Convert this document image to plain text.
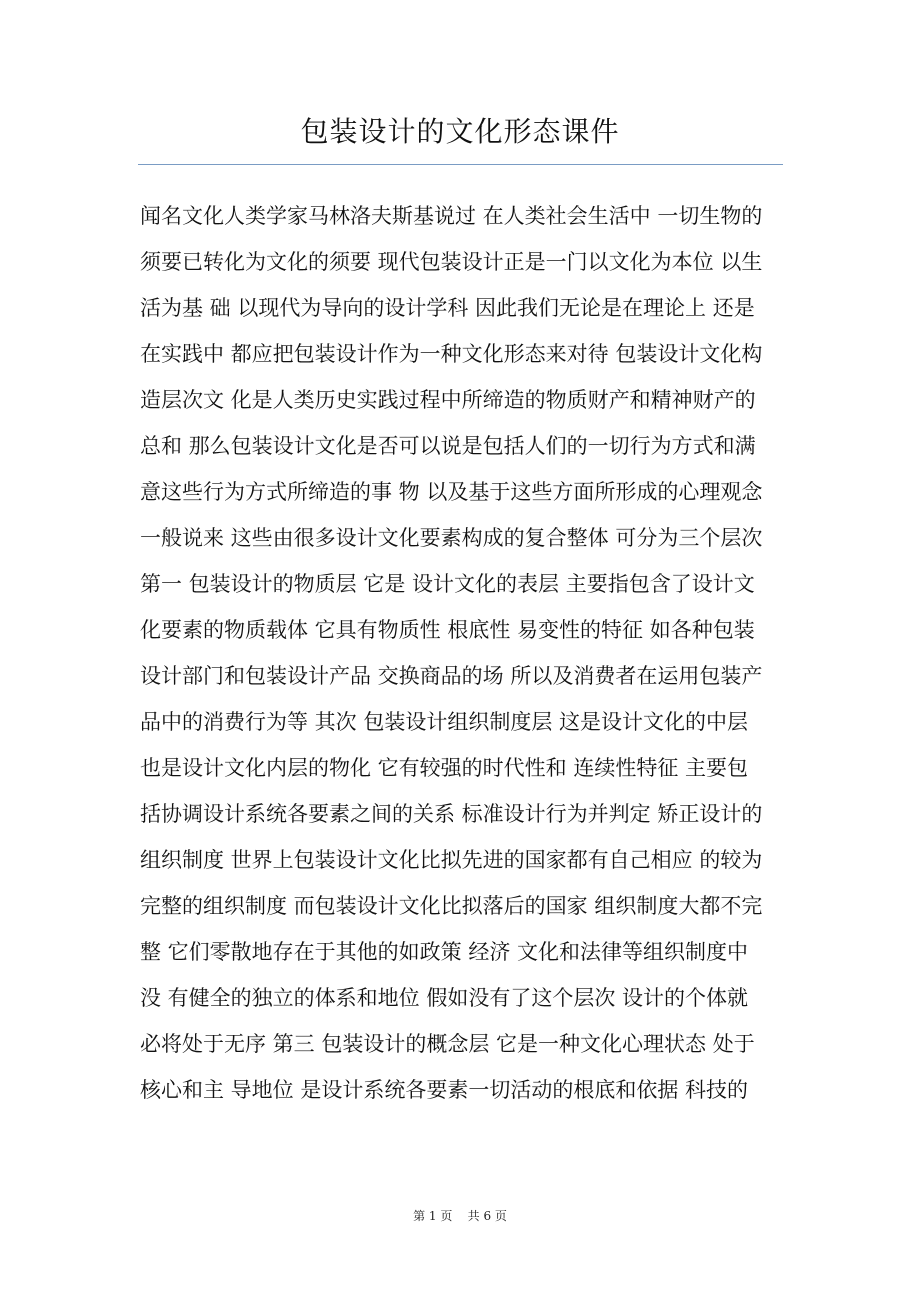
包装设计的文化形态课件
闻名文化人类学家马林洛夫斯基说过 在人类社会生活中 一切生物的
须要已转化为文化的须要 现代包装设计正是一门以文化为本位 以生
活为基 础 以现代为导向的设计学科 因此我们无论是在理论上 还是
在实践中 都应把包装设计作为一种文化形态来对待 包装设计文化构
造层次文 化是人类历史实践过程中所缔造的物质财产和精神财产的
总和 那么包装设计文化是否可以说是包括人们的一切行为方式和满
意这些行为方式所缔造的事 物 以及基于这些方面所形成的心理观念
一般说来 这些由很多设计文化要素构成的复合整体 可分为三个层次
第一 包装设计的物质层 它是 设计文化的表层 主要指包含了设计文
化要素的物质载体 它具有物质性 根底性 易变性的特征 如各种包装
设计部门和包装设计产品 交换商品的场 所以及消费者在运用包装产
品中的消费行为等 其次 包装设计组织制度层 这是设计文化的中层
也是设计文化内层的物化 它有较强的时代性和 连续性特征 主要包
括协调设计系统各要素之间的关系 标准设计行为并判定 矫正设计的
组织制度 世界上包装设计文化比拟先进的国家都有自己相应 的较为
完整的组织制度 而包装设计文化比拟落后的国家 组织制度大都不完
整 它们零散地存在于其他的如政策 经济 文化和法律等组织制度中
没 有健全的独立的体系和地位 假如没有了这个层次 设计的个体就
必将处于无序 第三 包装设计的概念层 它是一种文化心理状态 处于
核心和主 导地位 是设计系统各要素一切活动的根底和依据 科技的
第 1 页 共 6 页
